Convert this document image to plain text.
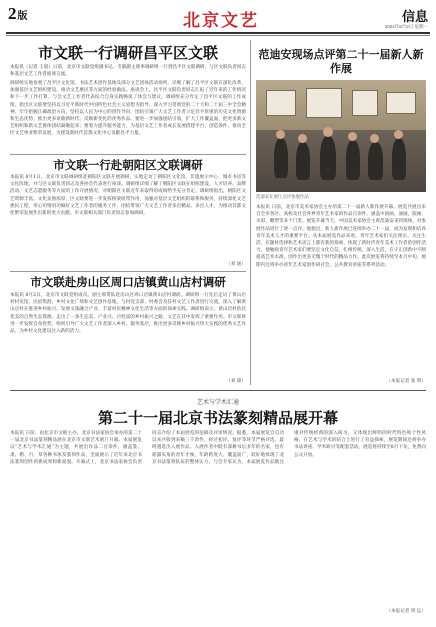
2版	北京文艺	信息
2024年8月2日 星期一
市文联一行调研昌平区文联
本报讯（记者 王晨）日前，北京市文联党组副书记、专职副主席率调研组一行到昌平区文联调研，与区文联负责同志和基层文艺工作者座谈交流。
调研组实地参观了昌平区文化馆、书法艺术创作基地及部分文艺团体活动场所，详细了解了昌平区文联在深化改革、加强基层文艺组织建设、推动文艺惠民等方面的经验做法。座谈会上，昌平区文联负责同志汇报了近年来的工作情况和下一步工作打算，与会文艺工作者代表结合自身实践畅谈了体会与建议。调研组充分肯定了昌平区文联的工作成绩，指出区文联要坚持以习近平新时代中国特色社会主义思想为指导，深入学习贯彻党的二十大和二十届三中全会精神，牢牢把握正确政治方向，坚持以人民为中心的创作导向，团结引领广大文艺工作者立足昌平厚重的历史文化资源和生态优势，推出更多讴歌新时代、反映新变化的优秀作品。要进一步加强团结引领，扩大工作覆盖面，把更多新文艺组织和新文艺群体团结凝聚起来；要着力提升服务能力，为基层文艺工作者成长发展搭建平台、创造条件，推动全区文艺事业繁荣发展，为建设新时代首都文化中心贡献昌平力量。
市文联一行赴朝阳区文联调研
本报讯 8月1日，北京市文联调研组赴朝阳区文联开展调研，实地走访了朝阳区文化馆、非遗展示中心、城市书房等文化阵地，并与区文联负责同志及各协会代表进行座谈。调研组详细了解了朝阳区文联在组织建设、人才培养、品牌活动、文艺志愿服务等方面的工作开展情况，对朝阳区文联近年来取得的成绩给予充分肯定。调研组指出，朝阳区文艺资源丰富、文化氛围浓厚，区文联要进一步发挥桥梁纽带作用，加强对基层文艺组织的联系和服务，持续深化文艺惠民工程，用心用情用功做好文艺工作者的服务工作，团结带领广大文艺工作者多出精品、多出人才，为推动首都文化繁荣发展作出新的更大贡献。市文联相关部门负责同志参加调研。
（刘 通）
市文联赴房山区周口店镇黄山店村调研
本报讯 8月2日，北京市文联党组成员、副主席带队赴房山区周口店镇黄山店村调研。调研组一行先后走访了黄山店村村史馆、民宿集群、乡村文化广场和文艺创作基地，与村党支部、村委会及驻村文艺工作者进行交流，深入了解黄山店村在推进乡村振兴、发展文旅融合产业、丰富村民精神文化生活等方面的探索实践。调研组表示，黄山店村依托优美的自然生态资源，走出了一条生态美、产业兴、百姓富的乡村振兴之路，文艺在其中发挥了重要作用。市文联将进一步发挥自身优势，组织引导广大文艺工作者深入乡村、服务基层，推出更多反映乡村振兴伟大实践的优秀文艺作品，为乡村文化建设注入新的活力。
（刘 锦）
范迪安现场点评第二十一届新人新作展
范迪安在展厅点评参展作品
本报讯 日前，北京市美术家协会主办的第二十一届新人新作展开幕。展览共展出来自全市各区、高校及社会各界青年艺术家的作品百余件，涵盖中国画、油画、版画、水彩、雕塑等多个门类。展览开幕当天，中国美术家协会主席范迪安来到现场，对参展作品进行了逐一点评。他指出，新人新作展已连续举办二十一届，成为发现和培养青年美术人才的重要平台。从本届展览作品来看，青年艺术家们关注现实、关注生活，在题材选择和艺术语言上都有新的探索，体现了新时代青年美术工作者的创作活力。他勉励青年艺术家们要坚定文化自信，扎根传统、深入生活，在守正创新中不断提高艺术水准，创作出更多无愧于时代的精品力作。此次展览将持续至本月中旬，展期内还将举办青年艺术家创作研讨会、公共教育讲座等系列活动。
（本报记者 张 明）
艺术与学术汇通
第二十一届北京书法篆刻精品展开幕
本报讯 日前，由北京市文联主办、北京书法家协会承办的第二十一届北京书法篆刻精品展在北京市文联艺术展厅开幕。本届展览以“艺术与学术汇通”为主题，共展出作品二百余件，涵盖篆、隶、楷、行、草各种书体及篆刻作品，全面展示了近年来北京书法篆刻创作的新成果和新面貌。开幕式上，北京书法家协会负责同志介绍了本届展览的征稿及评审情况。据悉，本届展览自启动以来共收到来稿三千余件，经过初评、复评等环节严格评选，最终遴选出入展作品。入展作者中既有深耕书坛多年的名家，也有崭露头角的青年才俊，年龄跨度大、覆盖面广，较好地体现了北京书法篆刻队伍的整体实力。与会专家认为，本届展览作品既注重对传统经典的深入研习，又体现出鲜明的时代特色和个性风格，在艺术与学术的结合上进行了有益探索。展览期间还将举办书法讲座、学术研讨等配套活动，展览将持续至8月下旬，免费向公众开放。
（本报记者 周 远）
